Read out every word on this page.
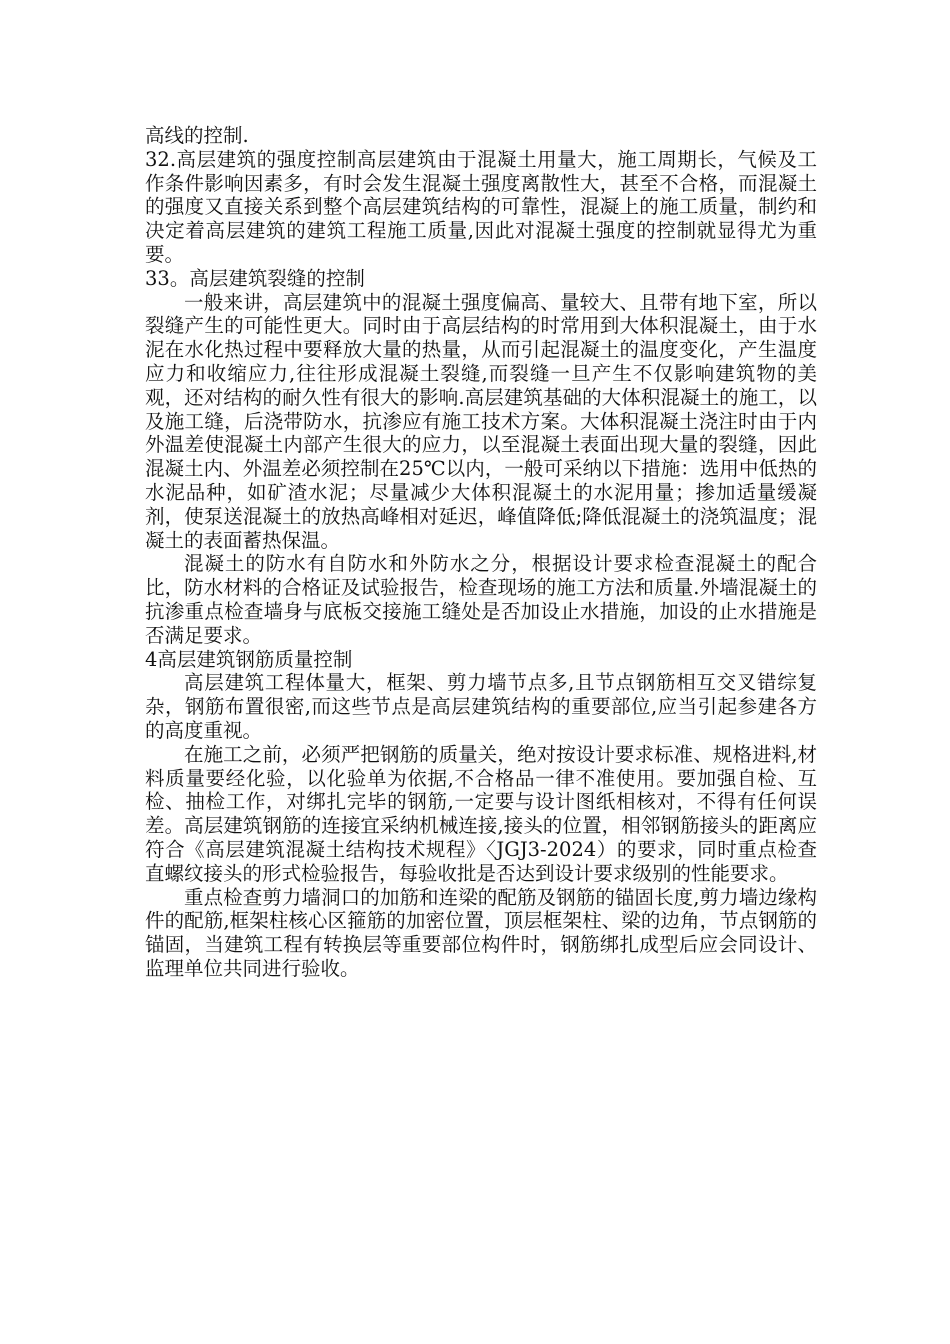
高线的控制.

32.高层建筑的强度控制高层建筑由于混凝土用量大，施工周期长，气候及工作条件影响因素多，有时会发生混凝土强度离散性大，甚至不合格，而混凝土的强度又直接关系到整个高层建筑结构的可靠性，混凝上的施工质量，制约和决定着高层建筑的建筑工程施工质量,因此对混凝土强度的控制就显得尤为重要。

33。高层建筑裂缝的控制

一般来讲，高层建筑中的混凝土强度偏高、量较大、且带有地下室，所以裂缝产生的可能性更大。同时由于高层结构的时常用到大体积混凝土，由于水泥在水化热过程中要释放大量的热量，从而引起混凝土的温度变化，产生温度应力和收缩应力,往往形成混凝土裂缝,而裂缝一旦产生不仅影响建筑物的美观，还对结构的耐久性有很大的影响.高层建筑基础的大体积混凝土的施工，以及施工缝，后浇带防水，抗渗应有施工技术方案。大体积混凝土浇注时由于内外温差使混凝土内部产生很大的应力，以至混凝土表面出现大量的裂缝，因此混凝土内、外温差必须控制在25℃以内，一般可采纳以下措施：选用中低热的水泥品种，如矿渣水泥；尽量减少大体积混凝土的水泥用量；掺加适量缓凝剂，使泵送混凝土的放热高峰相对延迟，峰值降低;降低混凝土的浇筑温度；混凝土的表面蓄热保温。

混凝土的防水有自防水和外防水之分，根据设计要求检查混凝土的配合比，防水材料的合格证及试验报告，检查现场的施工方法和质量.外墙混凝土的抗渗重点检查墙身与底板交接施工缝处是否加设止水措施，加设的止水措施是否满足要求。

4高层建筑钢筋质量控制

高层建筑工程体量大，框架、剪力墙节点多,且节点钢筋相互交叉错综复杂，钢筋布置很密,而这些节点是高层建筑结构的重要部位,应当引起参建各方的高度重视。

在施工之前，必须严把钢筋的质量关，绝对按设计要求标准、规格进料,材料质量要经化验，以化验单为依据,不合格品一律不准使用。要加强自检、互检、抽检工作，对绑扎完毕的钢筋,一定要与设计图纸相核对，不得有任何误差。高层建筑钢筋的连接宜采纳机械连接,接头的位置，相邻钢筋接头的距离应符合《高层建筑混凝土结构技术规程》〈JGJ3-2024）的要求，同时重点检查直螺纹接头的形式检验报告，每验收批是否达到设计要求级别的性能要求。

重点检查剪力墙洞口的加筋和连梁的配筋及钢筋的锚固长度,剪力墙边缘构件的配筋,框架柱核心区箍筋的加密位置，顶层框架柱、梁的边角，节点钢筋的锚固，当建筑工程有转换层等重要部位构件时，钢筋绑扎成型后应会同设计、监理单位共同进行验收。
